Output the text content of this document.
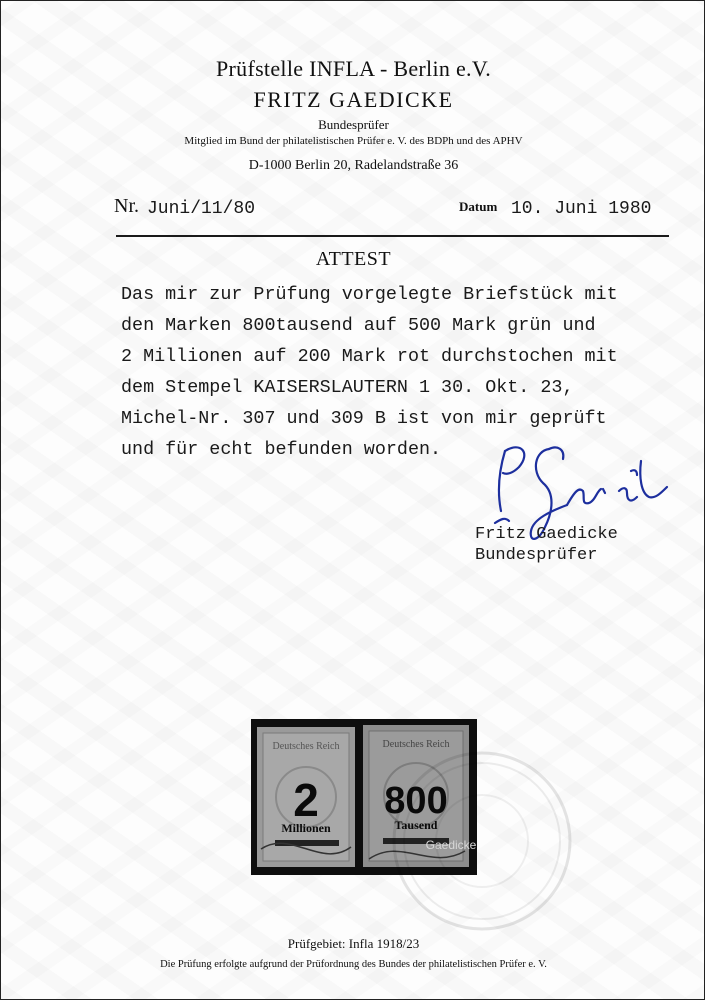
Prüfstelle INFLA - Berlin e.V.
FRITZ GAEDICKE
Bundesprüfer
Mitglied im Bund der philatelistischen Prüfer e. V. des BDPh und des APHV
D-1000 Berlin 20, Radelandstraße 36
Nr. Juni/11/80	Datum 10. Juni 1980
ATTEST
Das mir zur Prüfung vorgelegte Briefstück mit
den Marken 800tausend auf 500 Mark grün und
2 Millionen auf 200 Mark rot durchstochen mit
dem Stempel KAISERSLAUTERN 1 30. Okt. 23,
Michel-Nr. 307 und 309 B ist von mir geprüft
und für echt befunden worden.
Fritz Gaedicke
Bundesprüfer
Deutsches Reich
2
Millionen
Deutsches Reich
800
Tausend
Gaedicke
Prüfgebiet: Infla 1918/23
Die Prüfung erfolgte aufgrund der Prüfordnung des Bundes der philatelistischen Prüfer e. V.
